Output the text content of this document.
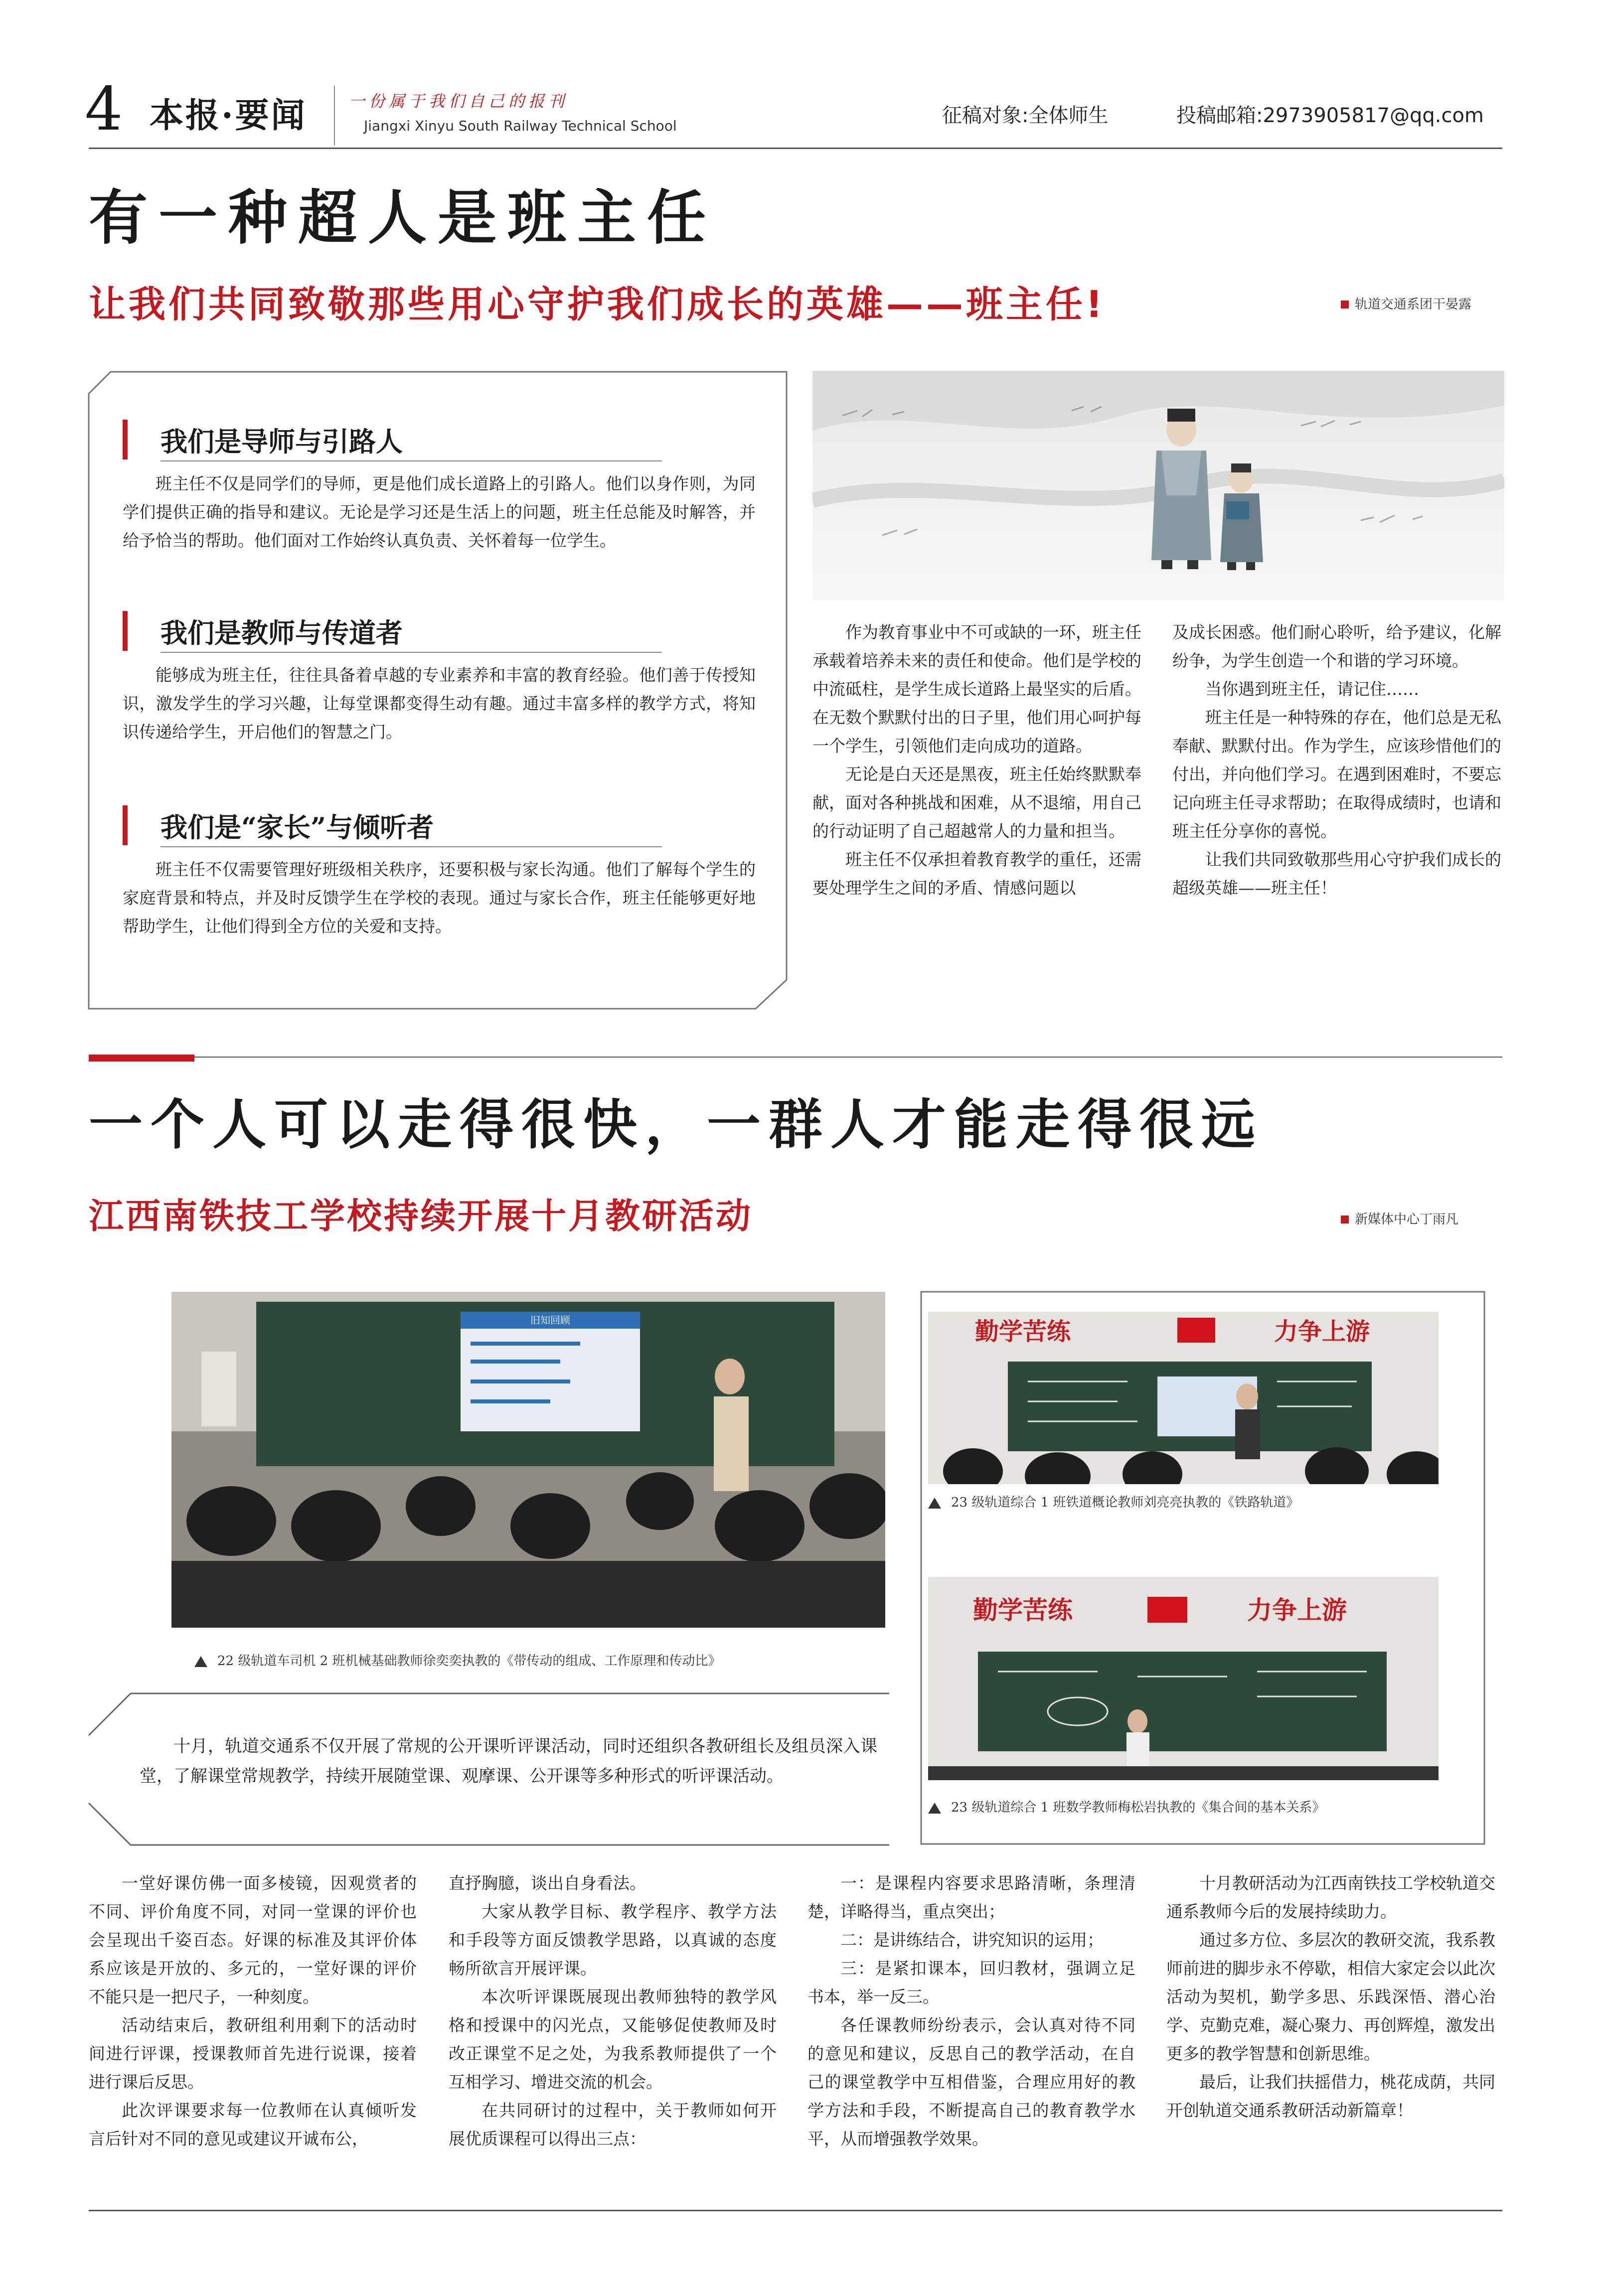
4 本报·要闻	一份属于我们自己的报刊
Jiangxi Xinyu South Railway Technical School	征稿对象:全体师生	投稿邮箱:2973905817@qq.com
有一种超人是班主任
让我们共同致敬那些用心守护我们成长的英雄——班主任!	轨道交通系团干晏露
我们是导师与引路人

班主任不仅是同学们的导师，更是他们成长道路上的引路人。他们以身作则，为同学们提供正确的指导和建议。无论是学习还是生活上的问题，班主任总能及时解答，并给予恰当的帮助。他们面对工作始终认真负责、关怀着每一位学生。

我们是教师与传道者

能够成为班主任，往往具备着卓越的专业素养和丰富的教育经验。他们善于传授知识，激发学生的学习兴趣，让每堂课都变得生动有趣。通过丰富多样的教学方式，将知识传递给学生，开启他们的智慧之门。

我们是“家长”与倾听者

班主任不仅需要管理好班级相关秩序，还要积极与家长沟通。他们了解每个学生的家庭背景和特点，并及时反馈学生在学校的表现。通过与家长合作，班主任能够更好地帮助学生，让他们得到全方位的关爱和支持。

作为教育事业中不可或缺的一环，班主任承载着培养未来的责任和使命。他们是学校的中流砥柱，是学生成长道路上最坚实的后盾。在无数个默默付出的日子里，他们用心呵护每一个学生，引领他们走向成功的道路。

无论是白天还是黑夜，班主任始终默默奉献，面对各种挑战和困难，从不退缩，用自己的行动证明了自己超越常人的力量和担当。

班主任不仅承担着教育教学的重任，还需要处理学生之间的矛盾、情感问题以

及成长困惑。他们耐心聆听，给予建议，化解纷争，为学生创造一个和谐的学习环境。

当你遇到班主任，请记住……

班主任是一种特殊的存在，他们总是无私奉献、默默付出。作为学生，应该珍惜他们的付出，并向他们学习。在遇到困难时，不要忘记向班主任寻求帮助；在取得成绩时，也请和班主任分享你的喜悦。

让我们共同致敬那些用心守护我们成长的超级英雄——班主任！

一个人可以走得很快，一群人才能走得很远
江西南铁技工学校持续开展十月教研活动	新媒体中心丁雨凡
旧知回顾
22 级轨道车司机 2 班机械基础教师徐奕奕执教的《带传动的组成、工作原理和传动比》
勤学苦练	力争上游
23 级轨道综合 1 班铁道概论教师刘亮亮执教的《铁路轨道》
勤学苦练	力争上游
23 级轨道综合 1 班数学教师梅松岩执教的《集合间的基本关系》

十月，轨道交通系不仅开展了常规的公开课听评课活动，同时还组织各教研组长及组员深入课堂，了解课堂常规教学，持续开展随堂课、观摩课、公开课等多种形式的听评课活动。

一堂好课仿佛一面多棱镜，因观赏者的不同、评价角度不同，对同一堂课的评价也会呈现出千姿百态。好课的标准及其评价体系应该是开放的、多元的，一堂好课的评价不能只是一把尺子，一种刻度。

活动结束后，教研组利用剩下的活动时间进行评课，授课教师首先进行说课，接着进行课后反思。

此次评课要求每一位教师在认真倾听发言后针对不同的意见或建议开诚布公，

直抒胸臆，谈出自身看法。

大家从教学目标、教学程序、教学方法和手段等方面反馈教学思路，以真诚的态度畅所欲言开展评课。

本次听评课既展现出教师独特的教学风格和授课中的闪光点，又能够促使教师及时改正课堂不足之处，为我系教师提供了一个互相学习、增进交流的机会。

在共同研讨的过程中，关于教师如何开展优质课程可以得出三点：

一：是课程内容要求思路清晰，条理清楚，详略得当，重点突出；

二：是讲练结合，讲究知识的运用；

三：是紧扣课本，回归教材，强调立足书本，举一反三。

各任课教师纷纷表示，会认真对待不同的意见和建议，反思自己的教学活动，在自己的课堂教学中互相借鉴，合理应用好的教学方法和手段，不断提高自己的教育教学水平，从而增强教学效果。

十月教研活动为江西南铁技工学校轨道交通系教师今后的发展持续助力。

通过多方位、多层次的教研交流，我系教师前进的脚步永不停歇，相信大家定会以此次活动为契机，勤学多思、乐践深悟、潜心治学、克勤克难，凝心聚力、再创辉煌，激发出更多的教学智慧和创新思维。

最后，让我们扶摇借力，桃花成荫，共同开创轨道交通系教研活动新篇章！
